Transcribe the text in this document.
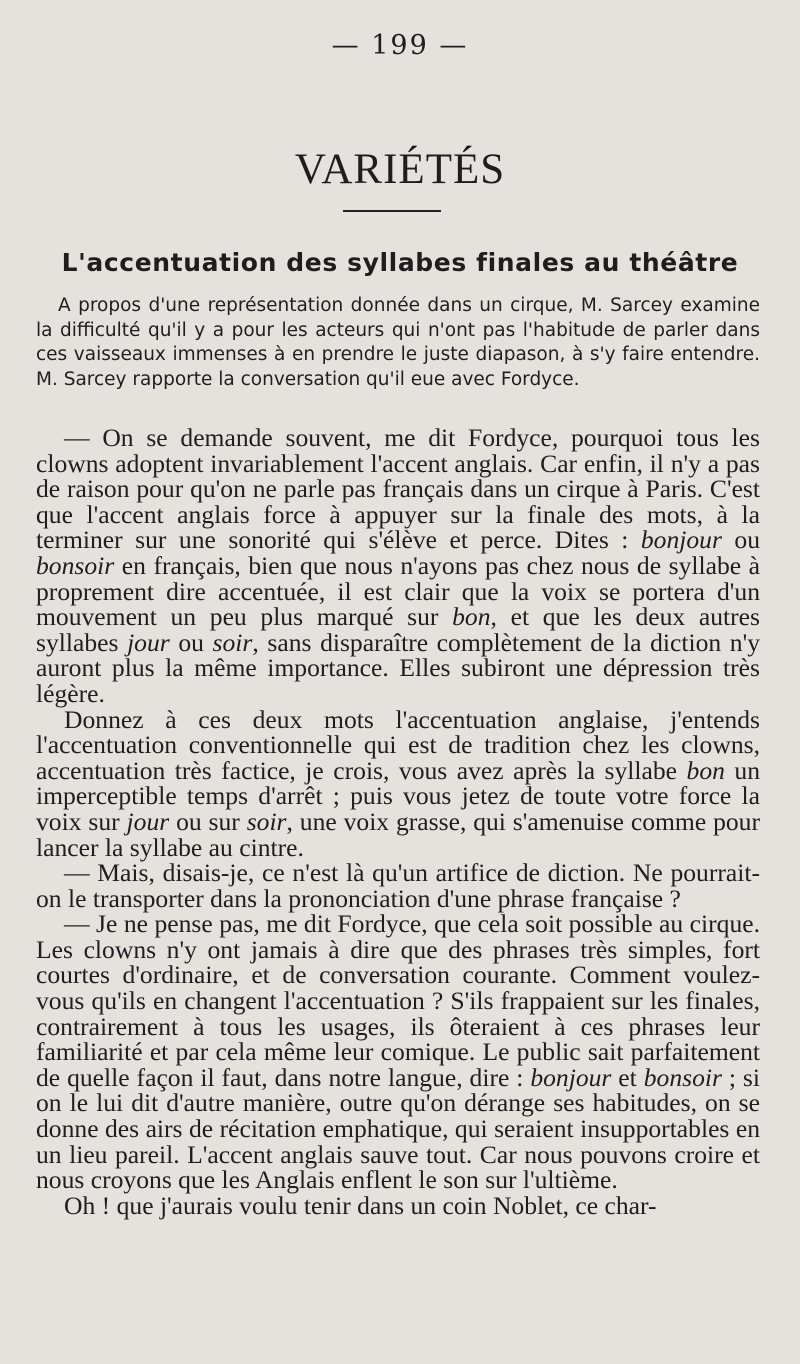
— 199 —
VARIÉTÉS
L'accentuation des syllabes finales au théâtre

A propos d'une représentation donnée dans un cirque, M. Sarcey examine la difficulté qu'il y a pour les acteurs qui n'ont pas l'habitude de parler dans ces vaisseaux immenses à en prendre le juste diapason, à s'y faire entendre. M. Sarcey rapporte la conversation qu'il eue avec Fordyce.

— On se demande souvent, me dit Fordyce, pourquoi tous les clowns adoptent invariablement l'accent anglais. Car enfin, il n'y a pas de raison pour qu'on ne parle pas français dans un cirque à Paris. C'est que l'accent anglais force à appuyer sur la finale des mots, à la terminer sur une sonorité qui s'élève et perce. Dites : bonjour ou bonsoir en français, bien que nous n'ayons pas chez nous de syllabe à proprement dire accentuée, il est clair que la voix se portera d'un mouvement un peu plus marqué sur bon, et que les deux autres syllabes jour ou soir, sans disparaître complètement de la diction n'y auront plus la même importance. Elles subiront une dépression très légère.

Donnez à ces deux mots l'accentuation anglaise, j'entends l'accentuation conventionnelle qui est de tradition chez les clowns, accentuation très factice, je crois, vous avez après la syllabe bon un imperceptible temps d'arrêt ; puis vous jetez de toute votre force la voix sur jour ou sur soir, une voix grasse, qui s'amenuise comme pour lancer la syllabe au cintre.

— Mais, disais-je, ce n'est là qu'un artifice de diction. Ne pourrait-on le transporter dans la prononciation d'une phrase française ?

— Je ne pense pas, me dit Fordyce, que cela soit possible au cirque. Les clowns n'y ont jamais à dire que des phrases très simples, fort courtes d'ordinaire, et de conversation courante. Comment voulez-vous qu'ils en changent l'accentuation ? S'ils frappaient sur les finales, contrairement à tous les usages, ils ôteraient à ces phrases leur familiarité et par cela même leur comique. Le public sait parfaitement de quelle façon il faut, dans notre langue, dire : bonjour et bonsoir ; si on le lui dit d'autre manière, outre qu'on dérange ses habitudes, on se donne des airs de récitation emphatique, qui seraient insupportables en un lieu pareil. L'accent anglais sauve tout. Car nous pouvons croire et nous croyons que les Anglais enflent le son sur l'ultième.

Oh ! que j'aurais voulu tenir dans un coin Noblet, ce char-
